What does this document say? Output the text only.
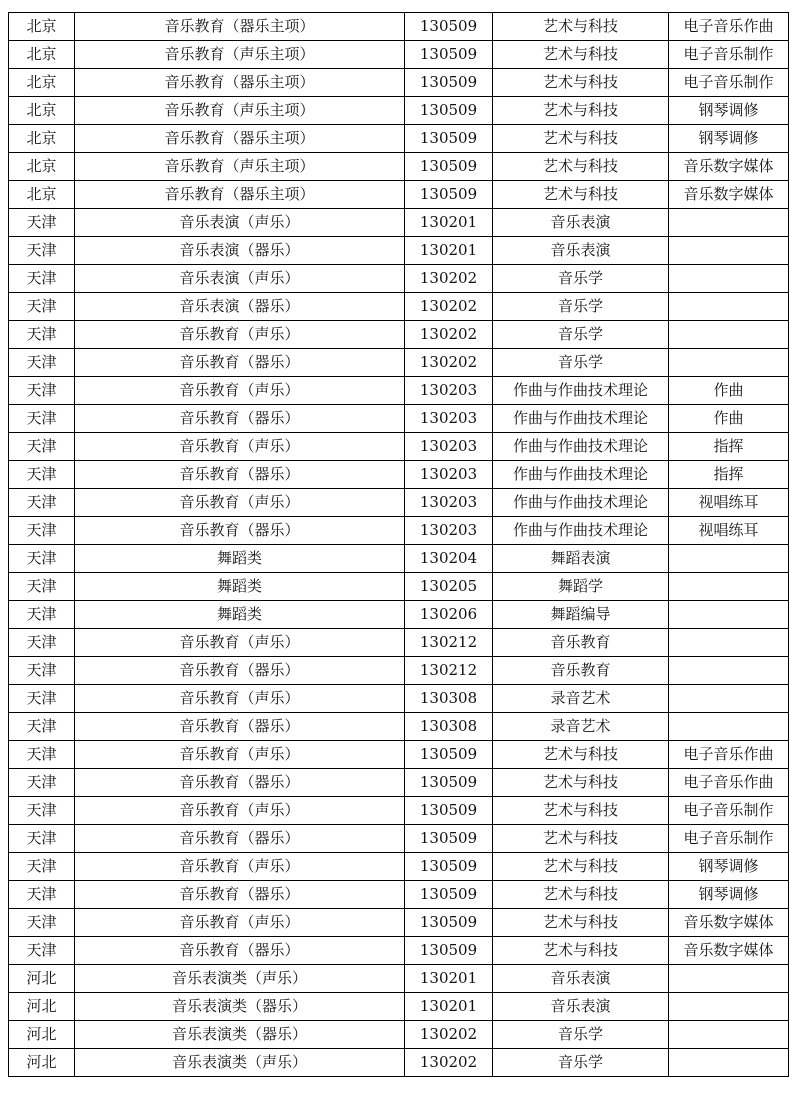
北京	音乐教育（器乐主项）	130509	艺术与科技	电子音乐作曲
北京	音乐教育（声乐主项）	130509	艺术与科技	电子音乐制作
北京	音乐教育（器乐主项）	130509	艺术与科技	电子音乐制作
北京	音乐教育（声乐主项）	130509	艺术与科技	钢琴调修
北京	音乐教育（器乐主项）	130509	艺术与科技	钢琴调修
北京	音乐教育（声乐主项）	130509	艺术与科技	音乐数字媒体
北京	音乐教育（器乐主项）	130509	艺术与科技	音乐数字媒体
天津	音乐表演（声乐）	130201	音乐表演	
天津	音乐表演（器乐）	130201	音乐表演	
天津	音乐表演（声乐）	130202	音乐学	
天津	音乐表演（器乐）	130202	音乐学	
天津	音乐教育（声乐）	130202	音乐学	
天津	音乐教育（器乐）	130202	音乐学	
天津	音乐教育（声乐）	130203	作曲与作曲技术理论	作曲
天津	音乐教育（器乐）	130203	作曲与作曲技术理论	作曲
天津	音乐教育（声乐）	130203	作曲与作曲技术理论	指挥
天津	音乐教育（器乐）	130203	作曲与作曲技术理论	指挥
天津	音乐教育（声乐）	130203	作曲与作曲技术理论	视唱练耳
天津	音乐教育（器乐）	130203	作曲与作曲技术理论	视唱练耳
天津	舞蹈类	130204	舞蹈表演	
天津	舞蹈类	130205	舞蹈学	
天津	舞蹈类	130206	舞蹈编导	
天津	音乐教育（声乐）	130212	音乐教育	
天津	音乐教育（器乐）	130212	音乐教育	
天津	音乐教育（声乐）	130308	录音艺术	
天津	音乐教育（器乐）	130308	录音艺术	
天津	音乐教育（声乐）	130509	艺术与科技	电子音乐作曲
天津	音乐教育（器乐）	130509	艺术与科技	电子音乐作曲
天津	音乐教育（声乐）	130509	艺术与科技	电子音乐制作
天津	音乐教育（器乐）	130509	艺术与科技	电子音乐制作
天津	音乐教育（声乐）	130509	艺术与科技	钢琴调修
天津	音乐教育（器乐）	130509	艺术与科技	钢琴调修
天津	音乐教育（声乐）	130509	艺术与科技	音乐数字媒体
天津	音乐教育（器乐）	130509	艺术与科技	音乐数字媒体
河北	音乐表演类（声乐）	130201	音乐表演	
河北	音乐表演类（器乐）	130201	音乐表演	
河北	音乐表演类（器乐）	130202	音乐学	
河北	音乐表演类（声乐）	130202	音乐学	
